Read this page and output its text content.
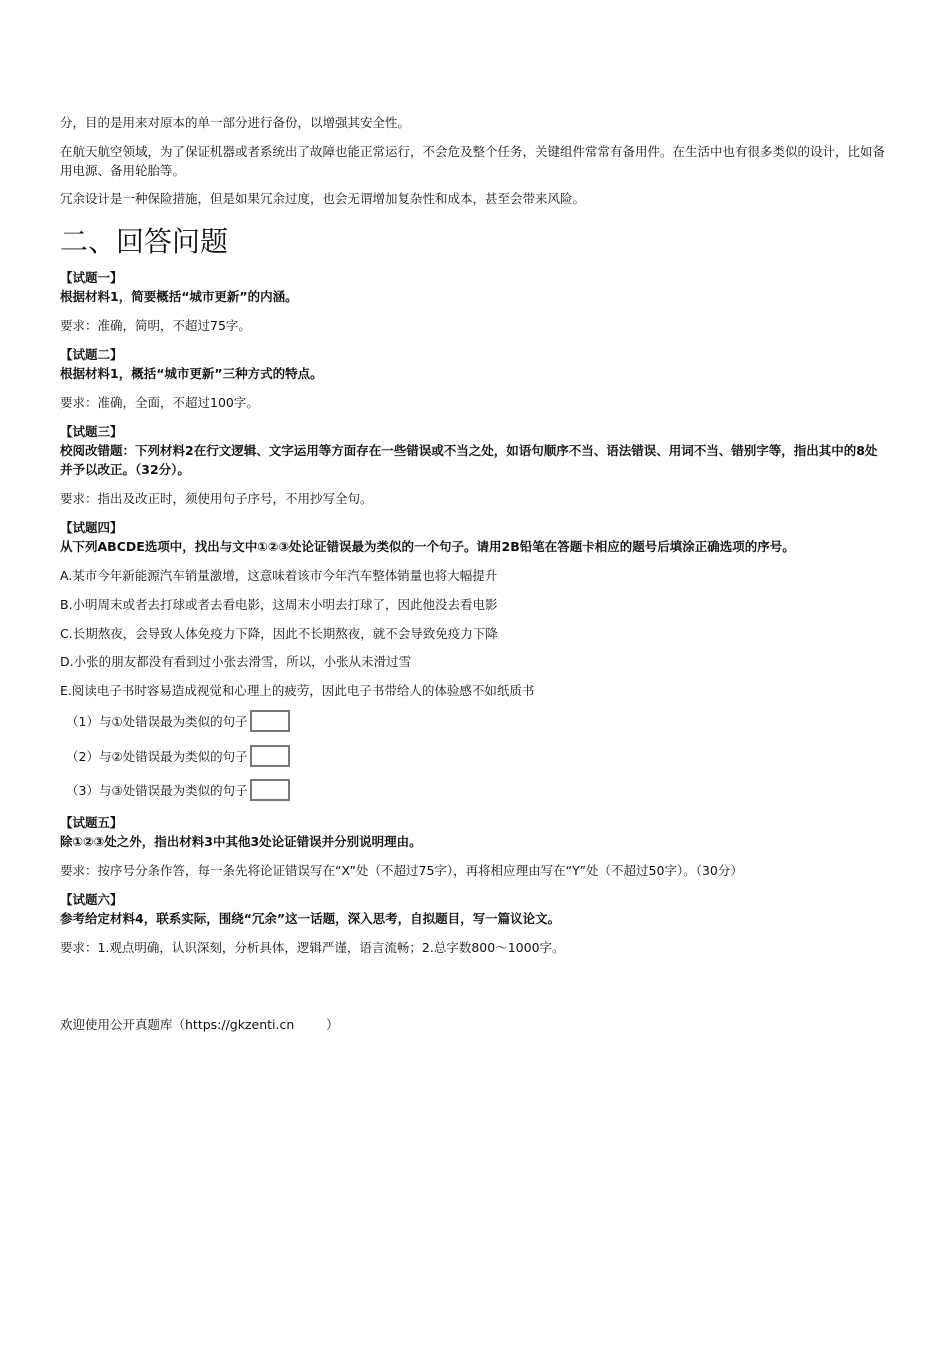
分，目的是用来对原本的单一部分进行备份，以增强其安全性。

在航天航空领域，为了保证机器或者系统出了故障也能正常运行，不会危及整个任务，关键组件常常有备用件。在生活中也有很多类似的设计，比如备用电源、备用轮胎等。

冗余设计是一种保险措施，但是如果冗余过度，也会无谓增加复杂性和成本，甚至会带来风险。

二、回答问题

【试题一】

根据材料1，简要概括“城市更新”的内涵。

要求：准确，简明，不超过75字。

【试题二】

根据材料1，概括“城市更新”三种方式的特点。

要求：准确，全面，不超过100字。

【试题三】

校阅改错题：下列材料2在行文逻辑、文字运用等方面存在一些错误或不当之处，如语句顺序不当、语法错误、用词不当、错别字等，指出其中的8处并予以改正。（32分）。

要求：指出及改正时，须使用句子序号，不用抄写全句。

【试题四】

从下列ABCDE选项中，找出与文中①②③处论证错误最为类似的一个句子。请用2B铅笔在答题卡相应的题号后填涂正确选项的序号。

A.某市今年新能源汽车销量激增，这意味着该市今年汽车整体销量也将大幅提升

B.小明周末或者去打球或者去看电影，这周末小明去打球了，因此他没去看电影

C.长期熬夜，会导致人体免疫力下降，因此不长期熬夜，就不会导致免疫力下降

D.小张的朋友都没有看到过小张去滑雪，所以，小张从未滑过雪

E.阅读电子书时容易造成视觉和心理上的疲劳，因此电子书带给人的体验感不如纸质书

（1）与①处错误最为类似的句子
（2）与②处错误最为类似的句子
（3）与③处错误最为类似的句子

【试题五】

除①②③处之外，指出材料3中其他3处论证错误并分别说明理由。

要求：按序号分条作答，每一条先将论证错误写在“X”处（不超过75字），再将相应理由写在“Y”处（不超过50字）。（30分）

【试题六】

参考给定材料4，联系实际，围绕“冗余”这一话题，深入思考，自拟题目，写一篇议论文。

要求：1.观点明确，认识深刻，分析具体，逻辑严谨，语言流畅；2.总字数800～1000字。

欢迎使用公开真题库（https://gkzenti.cn        ）
